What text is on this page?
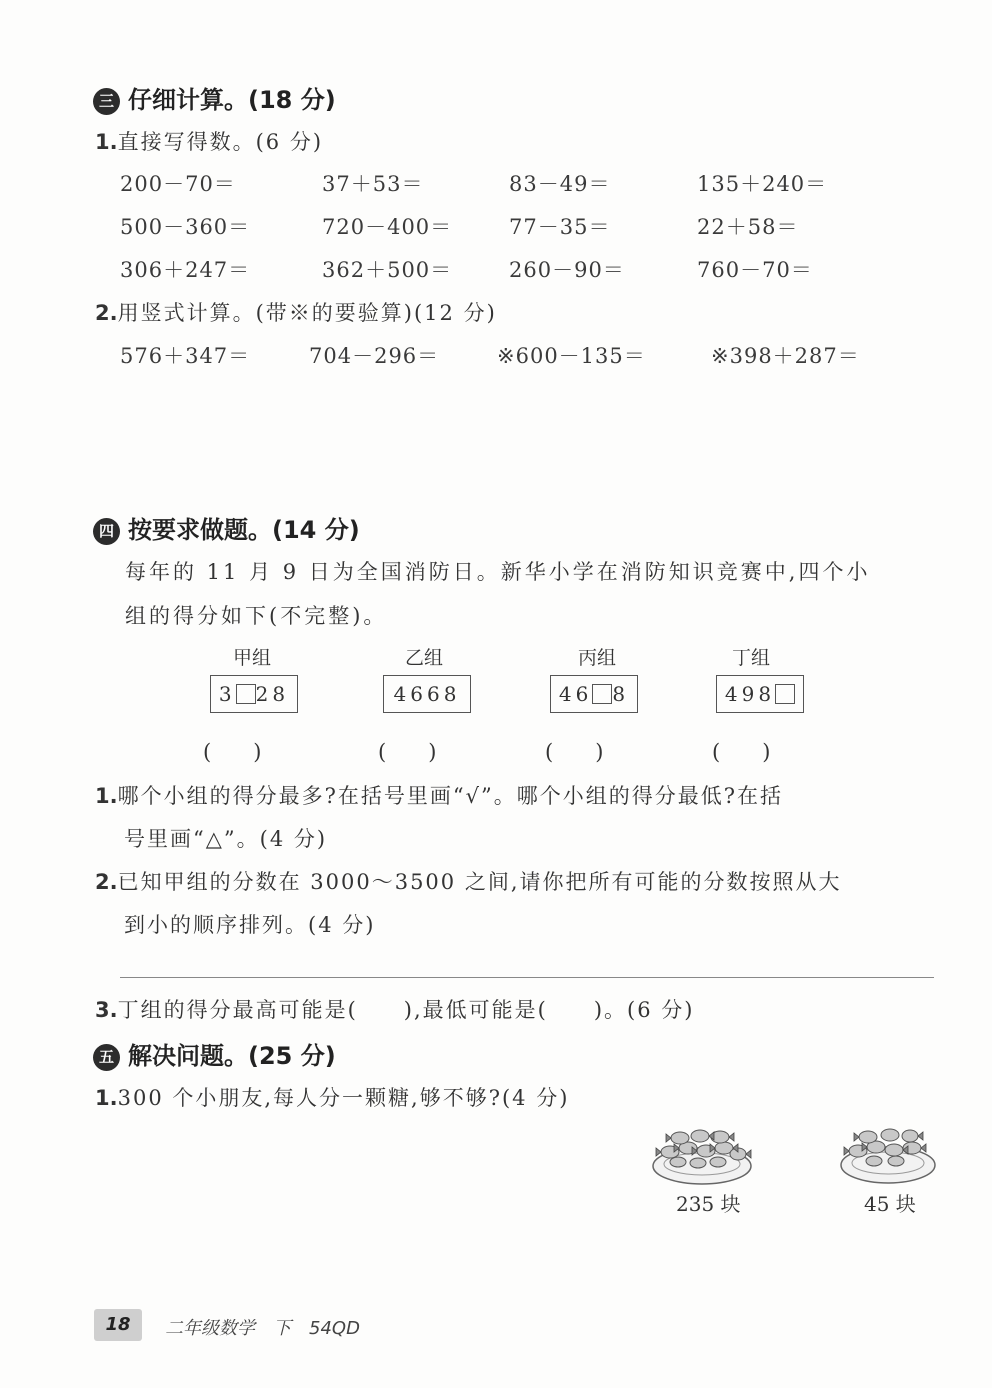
三 仔细计算。(18 分)
1.直接写得数。(6 分)
200－70＝	37＋53＝	83－49＝	135＋240＝
500－360＝	720－400＝	77－35＝	22＋58＝
306＋247＝	362＋500＝	260－90＝	760－70＝
2.用竖式计算。(带※的要验算)(12 分)
576＋347＝	704－296＝	※600－135＝	※398＋287＝
四 按要求做题。(14 分)
每年的 11 月 9 日为全国消防日。新华小学在消防知识竞赛中,四个小
组的得分如下(不完整)。
甲组	乙组	丙组	丁组
3 28	4668	46 8	498
(　　)	(　　)	(　　)	(　　)
1.哪个小组的得分最多?在括号里画“√”。哪个小组的得分最低?在括
号里画“△”。(4 分)
2.已知甲组的分数在 3000～3500 之间,请你把所有可能的分数按照从大
到小的顺序排列。(4 分)
3.丁组的得分最高可能是(　　),最低可能是(　　)。(6 分)
五 解决问题。(25 分)
1.300 个小朋友,每人分一颗糖,够不够?(4 分)
235 块	45 块
18	二年级数学　下　54QD
